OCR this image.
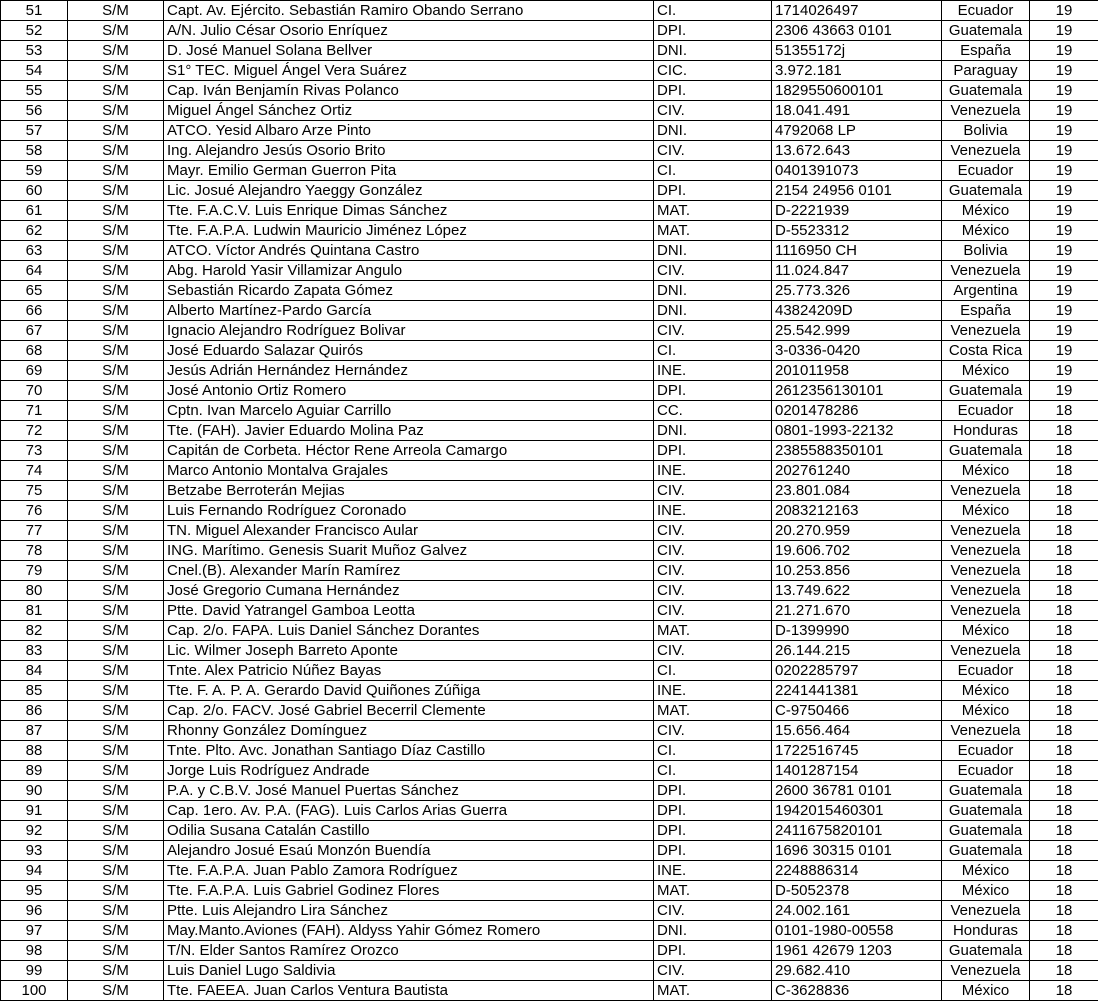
51	S/M	Capt. Av. Ejército. Sebastián Ramiro Obando Serrano	CI.	1714026497	Ecuador	19
52	S/M	A/N. Julio César Osorio Enríquez	DPI.	2306 43663 0101	Guatemala	19
53	S/M	D. José Manuel Solana Bellver	DNI.	51355172j	España	19
54	S/M	S1° TEC. Miguel Ángel Vera Suárez	CIC.	3.972.181	Paraguay	19
55	S/M	Cap. Iván Benjamín Rivas Polanco	DPI.	1829550600101	Guatemala	19
56	S/M	Miguel Ángel Sánchez Ortiz	CIV.	18.041.491	Venezuela	19
57	S/M	ATCO. Yesid Albaro Arze Pinto	DNI.	4792068 LP	Bolivia	19
58	S/M	Ing. Alejandro Jesús Osorio Brito	CIV.	13.672.643	Venezuela	19
59	S/M	Mayr. Emilio German Guerron Pita	CI.	0401391073	Ecuador	19
60	S/M	Lic. Josué Alejandro Yaeggy González	DPI.	2154 24956 0101	Guatemala	19
61	S/M	Tte. F.A.C.V. Luis Enrique Dimas Sánchez	MAT.	D-2221939	México	19
62	S/M	Tte. F.A.P.A. Ludwin Mauricio Jiménez López	MAT.	D-5523312	México	19
63	S/M	ATCO. Víctor Andrés Quintana Castro	DNI.	1116950 CH	Bolivia	19
64	S/M	Abg. Harold Yasir Villamizar Angulo	CIV.	11.024.847	Venezuela	19
65	S/M	Sebastián Ricardo Zapata Gómez	DNI.	25.773.326	Argentina	19
66	S/M	Alberto Martínez-Pardo García	DNI.	43824209D	España	19
67	S/M	Ignacio Alejandro Rodríguez Bolivar	CIV.	25.542.999	Venezuela	19
68	S/M	José Eduardo Salazar Quirós	CI.	3-0336-0420	Costa Rica	19
69	S/M	Jesús Adrián Hernández Hernández	INE.	201011958	México	19
70	S/M	José Antonio Ortiz Romero	DPI.	2612356130101	Guatemala	19
71	S/M	Cptn. Ivan Marcelo Aguiar Carrillo	CC.	0201478286	Ecuador	18
72	S/M	Tte. (FAH). Javier Eduardo Molina Paz	DNI.	0801-1993-22132	Honduras	18
73	S/M	Capitán de Corbeta. Héctor Rene Arreola Camargo	DPI.	2385588350101	Guatemala	18
74	S/M	Marco Antonio Montalva Grajales	INE.	202761240	México	18
75	S/M	Betzabe Berroterán Mejias	CIV.	23.801.084	Venezuela	18
76	S/M	Luis Fernando Rodríguez Coronado	INE.	2083212163	México	18
77	S/M	TN. Miguel Alexander Francisco Aular	CIV.	20.270.959	Venezuela	18
78	S/M	ING. Marítimo. Genesis Suarit Muñoz Galvez	CIV.	19.606.702	Venezuela	18
79	S/M	Cnel.(B). Alexander Marín Ramírez	CIV.	10.253.856	Venezuela	18
80	S/M	José Gregorio Cumana Hernández	CIV.	13.749.622	Venezuela	18
81	S/M	Ptte. David Yatrangel Gamboa Leotta	CIV.	21.271.670	Venezuela	18
82	S/M	Cap. 2/o. FAPA. Luis Daniel Sánchez Dorantes	MAT.	D-1399990	México	18
83	S/M	Lic. Wilmer Joseph Barreto Aponte	CIV.	26.144.215	Venezuela	18
84	S/M	Tnte. Alex Patricio Núñez Bayas	CI.	0202285797	Ecuador	18
85	S/M	Tte. F. A. P. A. Gerardo David Quiñones Zúñiga	INE.	2241441381	México	18
86	S/M	Cap. 2/o. FACV. José Gabriel Becerril Clemente	MAT.	C-9750466	México	18
87	S/M	Rhonny González Domínguez	CIV.	15.656.464	Venezuela	18
88	S/M	Tnte. Plto. Avc. Jonathan Santiago Díaz Castillo	CI.	1722516745	Ecuador	18
89	S/M	Jorge Luis Rodríguez Andrade	CI.	1401287154	Ecuador	18
90	S/M	P.A. y C.B.V. José Manuel Puertas Sánchez	DPI.	2600 36781 0101	Guatemala	18
91	S/M	Cap. 1ero. Av. P.A. (FAG). Luis Carlos Arias Guerra	DPI.	1942015460301	Guatemala	18
92	S/M	Odilia Susana Catalán Castillo	DPI.	2411675820101	Guatemala	18
93	S/M	Alejandro Josué Esaú Monzón Buendía	DPI.	1696 30315 0101	Guatemala	18
94	S/M	Tte. F.A.P.A. Juan Pablo Zamora Rodríguez	INE.	2248886314	México	18
95	S/M	Tte. F.A.P.A. Luis Gabriel Godinez Flores	MAT.	D-5052378	México	18
96	S/M	Ptte. Luis Alejandro Lira Sánchez	CIV.	24.002.161	Venezuela	18
97	S/M	May.Manto.Aviones (FAH). Aldyss Yahir Gómez Romero	DNI.	0101-1980-00558	Honduras	18
98	S/M	T/N. Elder Santos Ramírez Orozco	DPI.	1961 42679 1203	Guatemala	18
99	S/M	Luis Daniel Lugo Saldivia	CIV.	29.682.410	Venezuela	18
100	S/M	Tte. FAEEA. Juan Carlos Ventura Bautista	MAT.	C-3628836	México	18
